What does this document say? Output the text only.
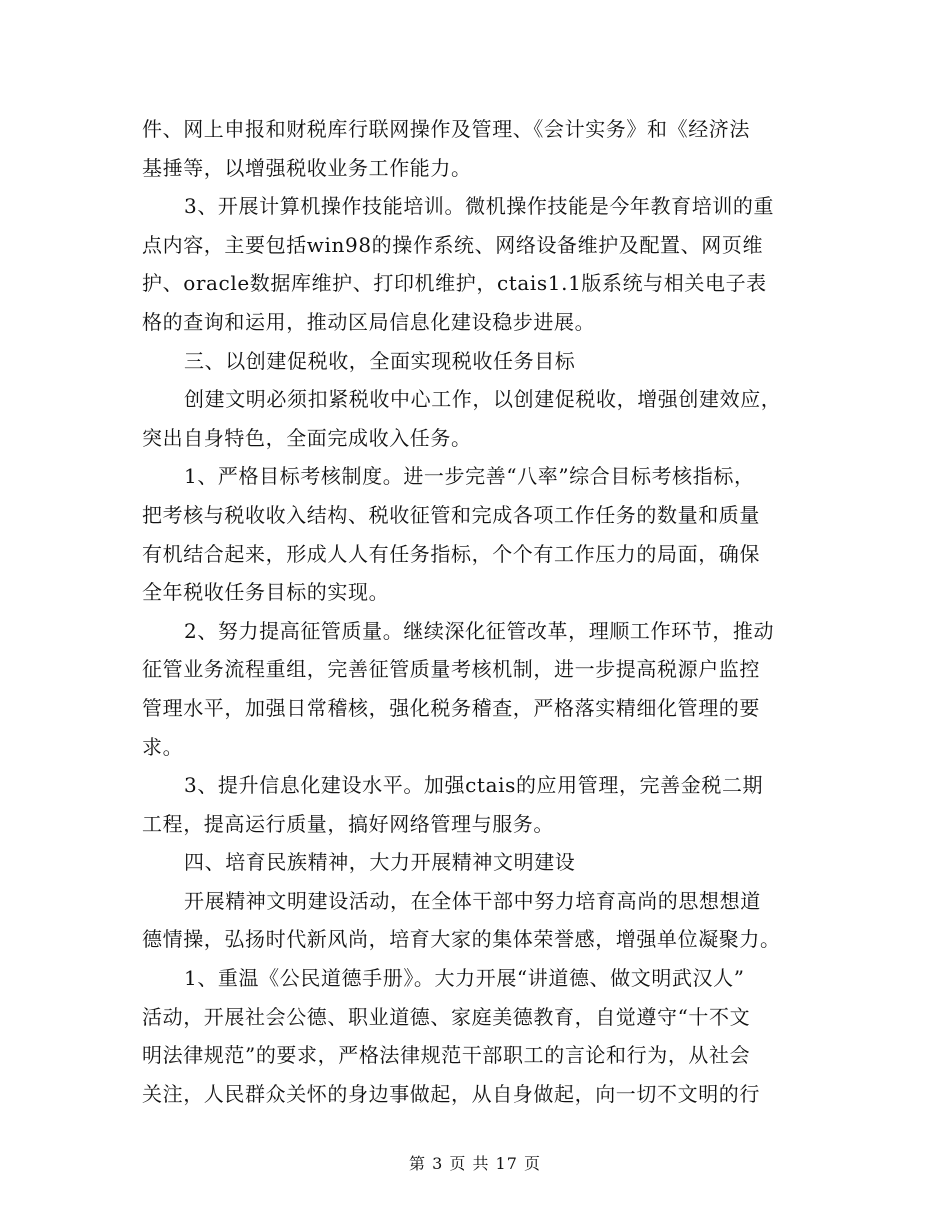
件、网上申报和财税库行联网操作及管理、《会计实务》和《经济法
基捶等，以增强税收业务工作能力。
3、开展计算机操作技能培训。微机操作技能是今年教育培训的重
点内容，主要包括win98的操作系统、网络设备维护及配置、网页维
护、oracle数据库维护、打印机维护，ctais1.1版系统与相关电子表
格的查询和运用，推动区局信息化建设稳步进展。
三、以创建促税收，全面实现税收任务目标
创建文明必须扣紧税收中心工作，以创建促税收，增强创建效应，
突出自身特色，全面完成收入任务。
1、严格目标考核制度。进一步完善“八率”综合目标考核指标，
把考核与税收收入结构、税收征管和完成各项工作任务的数量和质量
有机结合起来，形成人人有任务指标，个个有工作压力的局面，确保
全年税收任务目标的实现。
2、努力提高征管质量。继续深化征管改革，理顺工作环节，推动
征管业务流程重组，完善征管质量考核机制，进一步提高税源户监控
管理水平，加强日常稽核，强化税务稽查，严格落实精细化管理的要
求。
3、提升信息化建设水平。加强ctais的应用管理，完善金税二期
工程，提高运行质量，搞好网络管理与服务。
四、培育民族精神，大力开展精神文明建设
开展精神文明建设活动，在全体干部中努力培育高尚的思想想道
德情操，弘扬时代新风尚，培育大家的集体荣誉感，增强单位凝聚力。
1、重温《公民道德手册》。大力开展“讲道德、做文明武汉人”
活动，开展社会公德、职业道德、家庭美德教育，自觉遵守“十不文
明法律规范”的要求，严格法律规范干部职工的言论和行为，从社会
关注，人民群众关怀的身边事做起，从自身做起，向一切不文明的行
第 3 页 共 17 页
